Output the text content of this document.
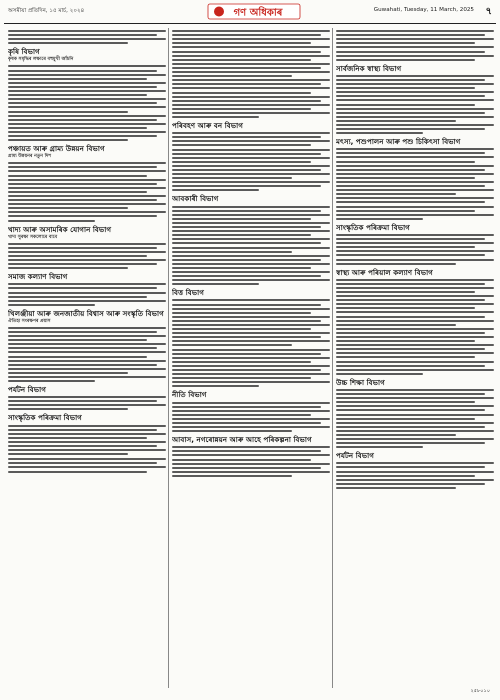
অসমীয়া প্ৰতিদিন, ১৫ মাৰ্চ, ২০২৪	গণ অধিকাৰ	Guwahati, Tuesday, 11 March, 2025 ৭
কৃষি বিভাগ
কৃষক সমৃদ্ধিৰ লক্ষ্যৰে বহুমুখী আঁচনি
পঞ্চায়ত আৰু গ্ৰাম্য উন্নয়ন বিভাগ
গ্ৰাম্য উন্নয়নৰ নতুন দিশ
খাদ্য আৰু অসামৰিক যোগান বিভাগ
খাদ্য সুৰক্ষা সকলোৰে বাবে
সমাজ কল্যাণ বিভাগ
খিলঞ্জীয়া আৰু জনজাতীয় বিশ্বাস আৰু সংস্কৃতি বিভাগ
ঐতিহ্য সংৰক্ষণৰ প্ৰয়াস
পৰ্যটন বিভাগ
সাংস্কৃতিক পৰিক্ৰমা বিভাগ
পৰিবহণ আৰু বন বিভাগ
আবকাৰী বিভাগ
বিত্ত বিভাগ
নীতি বিভাগ
আবাস, নগৰোন্নয়ন আৰু আহে পৰিকল্পনা বিভাগ
সাৰ্বজনিক স্বাস্থ্য বিভাগ
মৎস্য, পশুপালন আৰু পশু চিকিৎসা বিভাগ
সাংস্কৃতিক পৰিক্ৰমা বিভাগ
স্বাস্থ্য আৰু পৰিয়াল কল্যাণ বিভাগ
উচ্চ শিক্ষা বিভাগ
পৰ্যটন বিভাগ
২৫৮০১০
